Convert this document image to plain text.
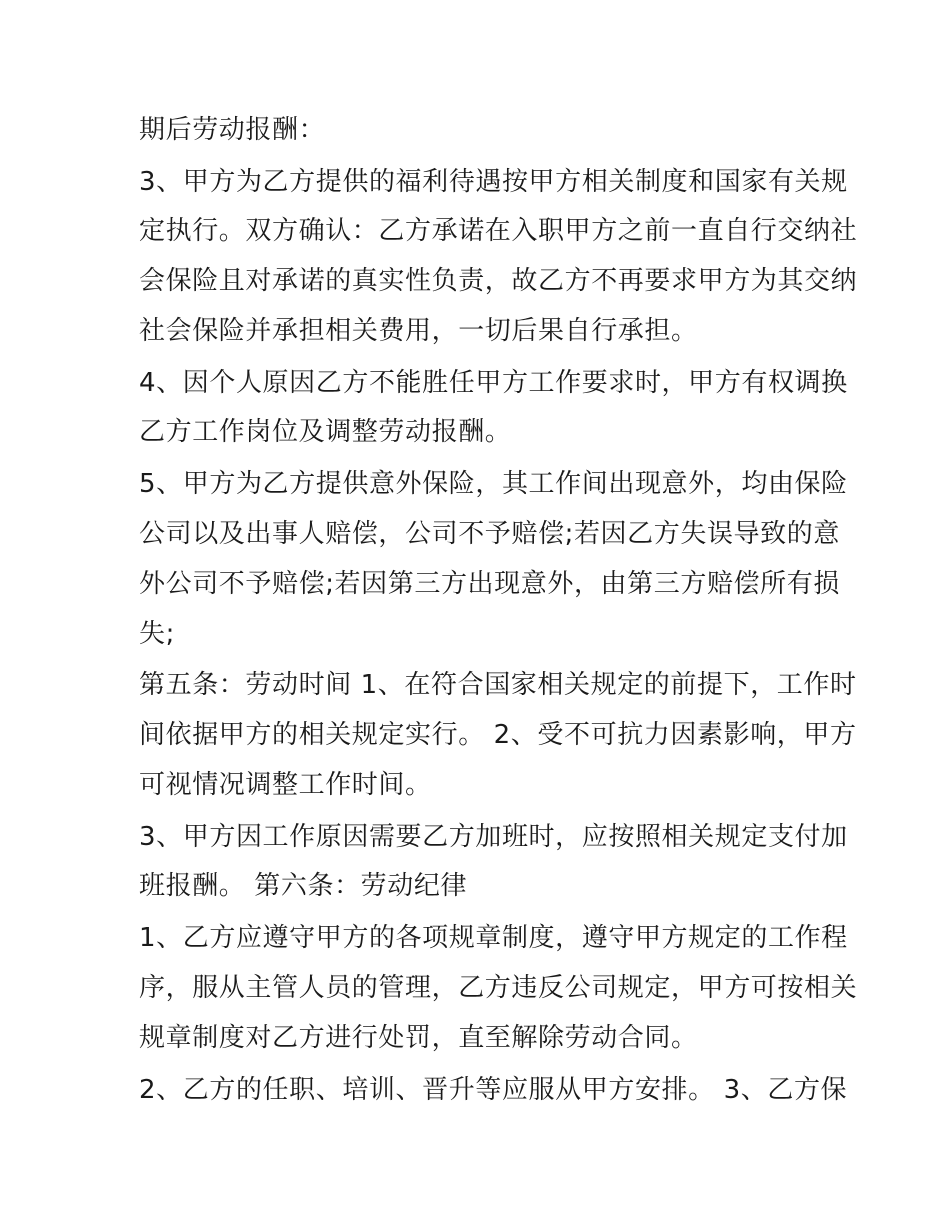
期后劳动报酬：
3、甲方为乙方提供的福利待遇按甲方相关制度和国家有关规
定执行。双方确认：乙方承诺在入职甲方之前一直自行交纳社
会保险且对承诺的真实性负责，故乙方不再要求甲方为其交纳
社会保险并承担相关费用，一切后果自行承担。
4、因个人原因乙方不能胜任甲方工作要求时，甲方有权调换
乙方工作岗位及调整劳动报酬。
5、甲方为乙方提供意外保险，其工作间出现意外，均由保险
公司以及出事人赔偿，公司不予赔偿;若因乙方失误导致的意
外公司不予赔偿;若因第三方出现意外，由第三方赔偿所有损
失;
第五条：劳动时间 1、在符合国家相关规定的前提下，工作时
间依据甲方的相关规定实行。 2、受不可抗力因素影响，甲方
可视情况调整工作时间。
3、甲方因工作原因需要乙方加班时，应按照相关规定支付加
班报酬。 第六条：劳动纪律
1、乙方应遵守甲方的各项规章制度，遵守甲方规定的工作程
序，服从主管人员的管理，乙方违反公司规定，甲方可按相关
规章制度对乙方进行处罚，直至解除劳动合同。
2、乙方的任职、培训、晋升等应服从甲方安排。 3、乙方保
